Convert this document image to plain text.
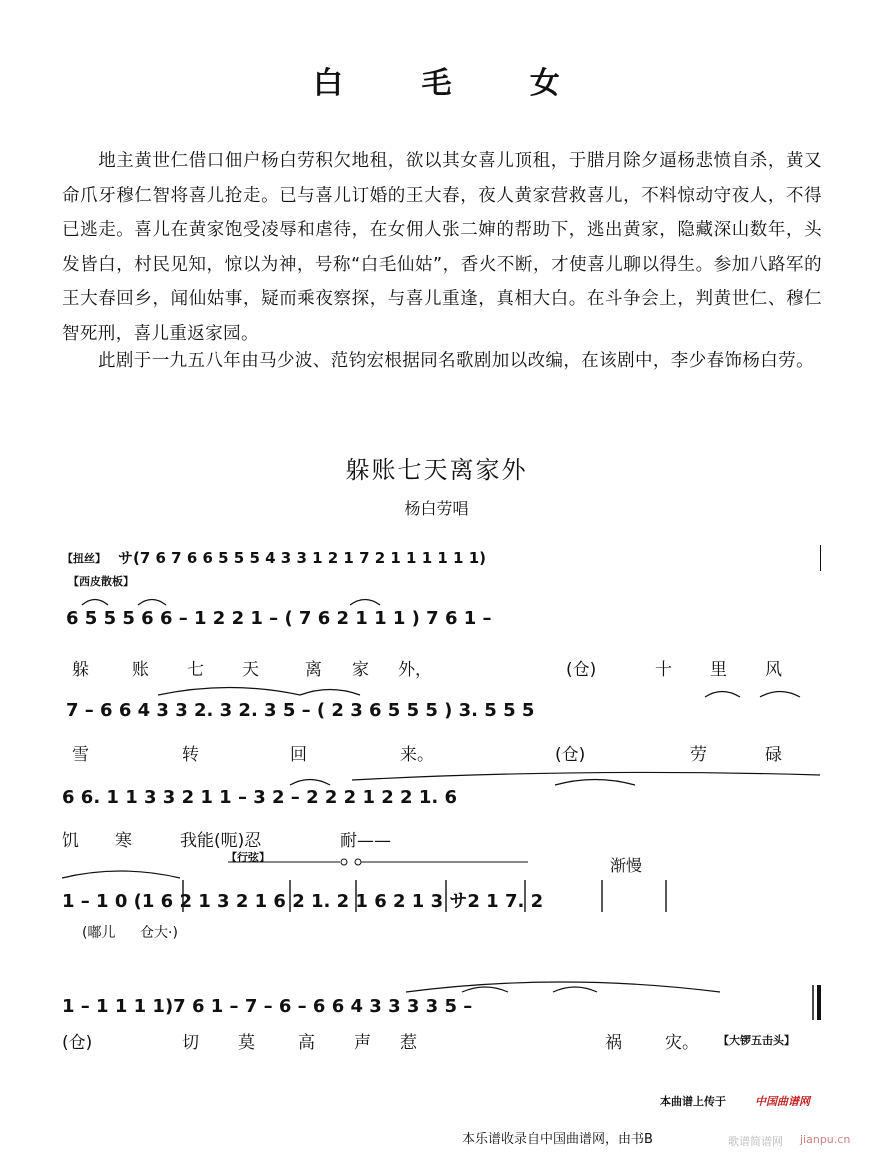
白 毛 女
地主黄世仁借口佃户杨白劳积欠地租，欲以其女喜儿顶租，于腊月除夕逼杨悲愤自杀，黄又命爪牙穆仁智将喜儿抢走。已与喜儿订婚的王大春，夜人黄家营救喜儿，不料惊动守夜人，不得已逃走。喜儿在黄家饱受凌辱和虐待，在女佣人张二婶的帮助下，逃出黄家，隐藏深山数年，头发皆白，村民见知，惊以为神，号称“白毛仙姑”，香火不断，才使喜儿聊以得生。参加八路军的王大春回乡，闻仙姑事，疑而乘夜察探，与喜儿重逢，真相大白。在斗争会上，判黄世仁、穆仁智死刑，喜儿重返家园。
此剧于一九五八年由马少波、范钧宏根据同名歌剧加以改编，在该剧中，李少春饰杨白劳。
躲账七天离家外
杨白劳唱
【扭丝】 サ(7 6 7 6 6 5 5 5 4 3 3 1 2 1 7 2 1 1 1 1 1 1)
【西皮散板】
6 5 5 5 6 6 – 1 2 2 1 – ( 7 6 2 1 1 1 ) 7 6 1 –
躲	账 七 天	离 家 外，	(仓)	十 里 风
7 – 6 6 4 3 3 2. 3 2. 3 5 – ( 2 3 6 5 5 5 ) 3. 5 5 5
雪	转	回	来。	(仓)	劳	碌
6 6. 1 1 3 3 2 1 1 – 3 2 – 2 2 2 1 2 2 1. 6
饥 寒	我能(呃)忍	耐——
【行弦】	渐慢
1 – 1 0 (1 6 2 1 3 2 1 6 2 1. 2 1 6 2 1 3 サ2 1 7. 2
(嘟儿 仓大·)
1 – 1 1 1 1)7 6 1 – 7 – 6 – 6 6 4 3 3 3 3 5 –
(仓)	切 莫	高 声 惹	祸	灾。 【大锣五击头】
本曲谱上传于	中国曲谱网
本乐谱收录自中国曲谱网，由书B	歌谱简谱网 jianpu.cn
